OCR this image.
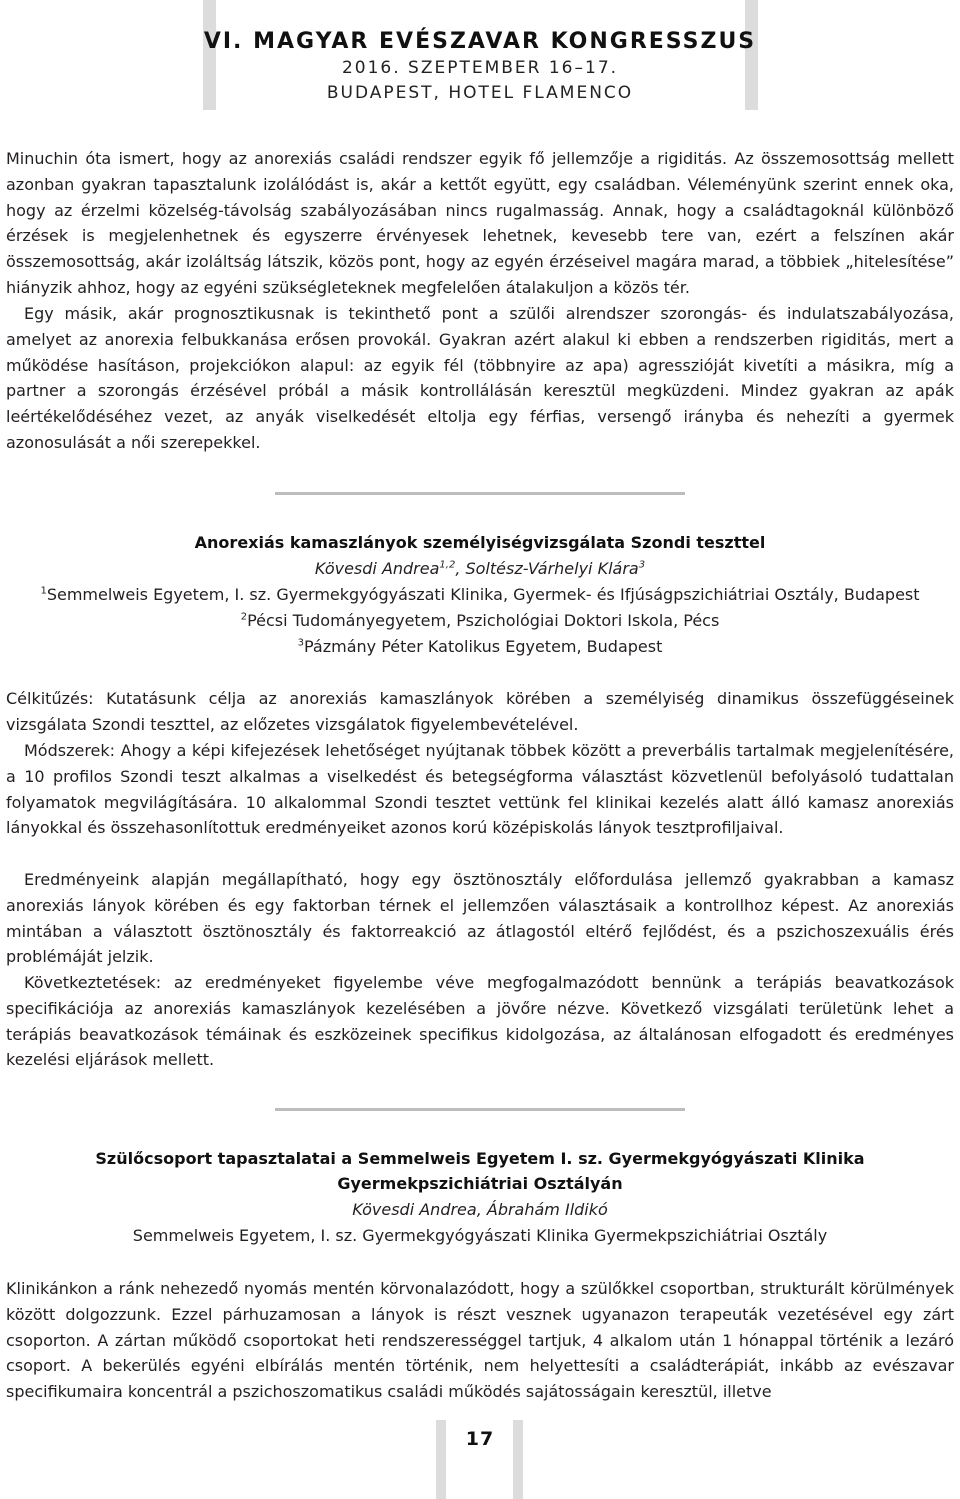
VI. MAGYAR EVÉSZAVAR KONGRESSZUS
2016. SZEPTEMBER 16–17.
BUDAPEST, HOTEL FLAMENCO

Minuchin óta ismert, hogy az anorexiás családi rendszer egyik fő jellemzője a rigiditás. Az összemosottság mellett azonban gyakran tapasztalunk izolálódást is, akár a kettőt együtt, egy családban. Véleményünk szerint ennek oka, hogy az érzelmi közelség-távolság szabályozásában nincs rugalmasság. Annak, hogy a családtagoknál különböző érzések is megjelenhetnek és egyszerre érvényesek lehetnek, kevesebb tere van, ezért a felszínen akár összemosottság, akár izoláltság látszik, közös pont, hogy az egyén érzéseivel magára marad, a többiek „hitelesítése” hiányzik ahhoz, hogy az egyéni szükségleteknek megfelelően átalakuljon a közös tér.

Egy másik, akár prognosztikusnak is tekinthető pont a szülői alrendszer szorongás- és indulatszabályozása, amelyet az anorexia felbukkanása erősen provokál. Gyakran azért alakul ki ebben a rendszerben rigiditás, mert a működése hasításon, projekciókon alapul: az egyik fél (többnyire az apa) agresszióját kivetíti a másikra, míg a partner a szorongás érzésével próbál a másik kontrollálásán keresztül megküzdeni. Mindez gyakran az apák leértékelődéséhez vezet, az anyák viselkedését eltolja egy férfias, versengő irányba és nehezíti a gyermek azonosulását a női szerepekkel.

Anorexiás kamaszlányok személyiségvizsgálata Szondi teszttel
Kövesdi Andrea$^{1,2}$, Soltész-Várhelyi Klára$^3$
$^1$Semmelweis Egyetem, I. sz. Gyermekgyógyászati Klinika, Gyermek- és Ifjúságpszichiátriai Osztály, Budapest
$^2$Pécsi Tudományegyetem, Pszichológiai Doktori Iskola, Pécs
$^3$Pázmány Péter Katolikus Egyetem, Budapest

Célkitűzés: Kutatásunk célja az anorexiás kamaszlányok körében a személyiség dinamikus összefüggéseinek vizsgálata Szondi teszttel, az előzetes vizsgálatok figyelembevételével.

Módszerek: Ahogy a képi kifejezések lehetőséget nyújtanak többek között a preverbális tartalmak megjelenítésére, a 10 profilos Szondi teszt alkalmas a viselkedést és betegségforma választást közvetlenül befolyásoló tudattalan folyamatok megvilágítására. 10 alkalommal Szondi tesztet vettünk fel klinikai kezelés alatt álló kamasz anorexiás lányokkal és összehasonlítottuk eredményeiket azonos korú középiskolás lányok tesztprofiljaival.

Eredményeink alapján megállapítható, hogy egy ösztönosztály előfordulása jellemző gyakrabban a kamasz anorexiás lányok körében és egy faktorban térnek el jellemzően választásaik a kontrollhoz képest. Az anorexiás mintában a választott ösztönosztály és faktorreakció az átlagostól eltérő fejlődést, és a pszichoszexuális érés problémáját jelzik.

Következtetések: az eredményeket figyelembe véve megfogalmazódott bennünk a terápiás beavatkozások specifikációja az anorexiás kamaszlányok kezelésében a jövőre nézve. Következő vizsgálati területünk lehet a terápiás beavatkozások témáinak és eszközeinek specifikus kidolgozása, az általánosan elfogadott és eredményes kezelési eljárások mellett.

Szülőcsoport tapasztalatai a Semmelweis Egyetem I. sz. Gyermekgyógyászati Klinika
Gyermekpszichiátriai Osztályán
Kövesdi Andrea, Ábrahám Ildikó
Semmelweis Egyetem, I. sz. Gyermekgyógyászati Klinika Gyermekpszichiátriai Osztály

Klinikánkon a ránk nehezedő nyomás mentén körvonalazódott, hogy a szülőkkel csoportban, strukturált körülmények között dolgozzunk. Ezzel párhuzamosan a lányok is részt vesznek ugyanazon terapeuták vezetésével egy zárt csoporton. A zártan működő csoportokat heti rendszerességgel tartjuk, 4 alkalom után 1 hónappal történik a lezáró csoport. A bekerülés egyéni elbírálás mentén történik, nem helyettesíti a családterápiát, inkább az evészavar specifikumaira koncentrál a pszichoszomatikus családi működés sajátosságain keresztül, illetve

17
